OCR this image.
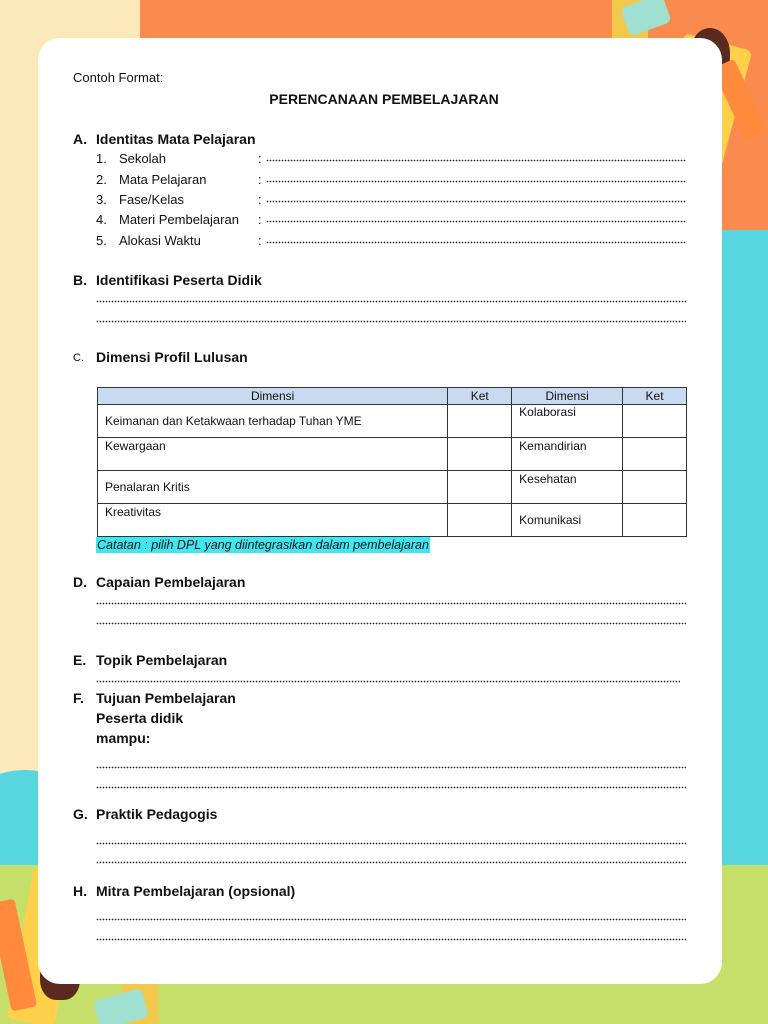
Contoh Format:
PERENCANAAN PEMBELAJARAN
A. Identitas Mata Pelajaran
1. Sekolah	:
2. Mata Pelajaran	:
3. Fase/Kelas	:
4. Materi Pembelajaran :
5. Alokasi Waktu	:
B. Identifikasi Peserta Didik
C. Dimensi Profil Lulusan
Dimensi	Ket	Dimensi	Ket
Keimanan dan Ketakwaan terhadap Tuhan YME		Kolaborasi	
Kewargaan		Kemandirian	
Penalaran Kritis		Kesehatan	
Kreativitas		Komunikasi	
Catatan : pilih DPL yang diintegrasikan dalam pembelajaran
D. Capaian Pembelajaran
E. Topik Pembelajaran
F. Tujuan Pembelajaran
Peserta didik
mampu:
G. Praktik Pedagogis
H. Mitra Pembelajaran (opsional)
